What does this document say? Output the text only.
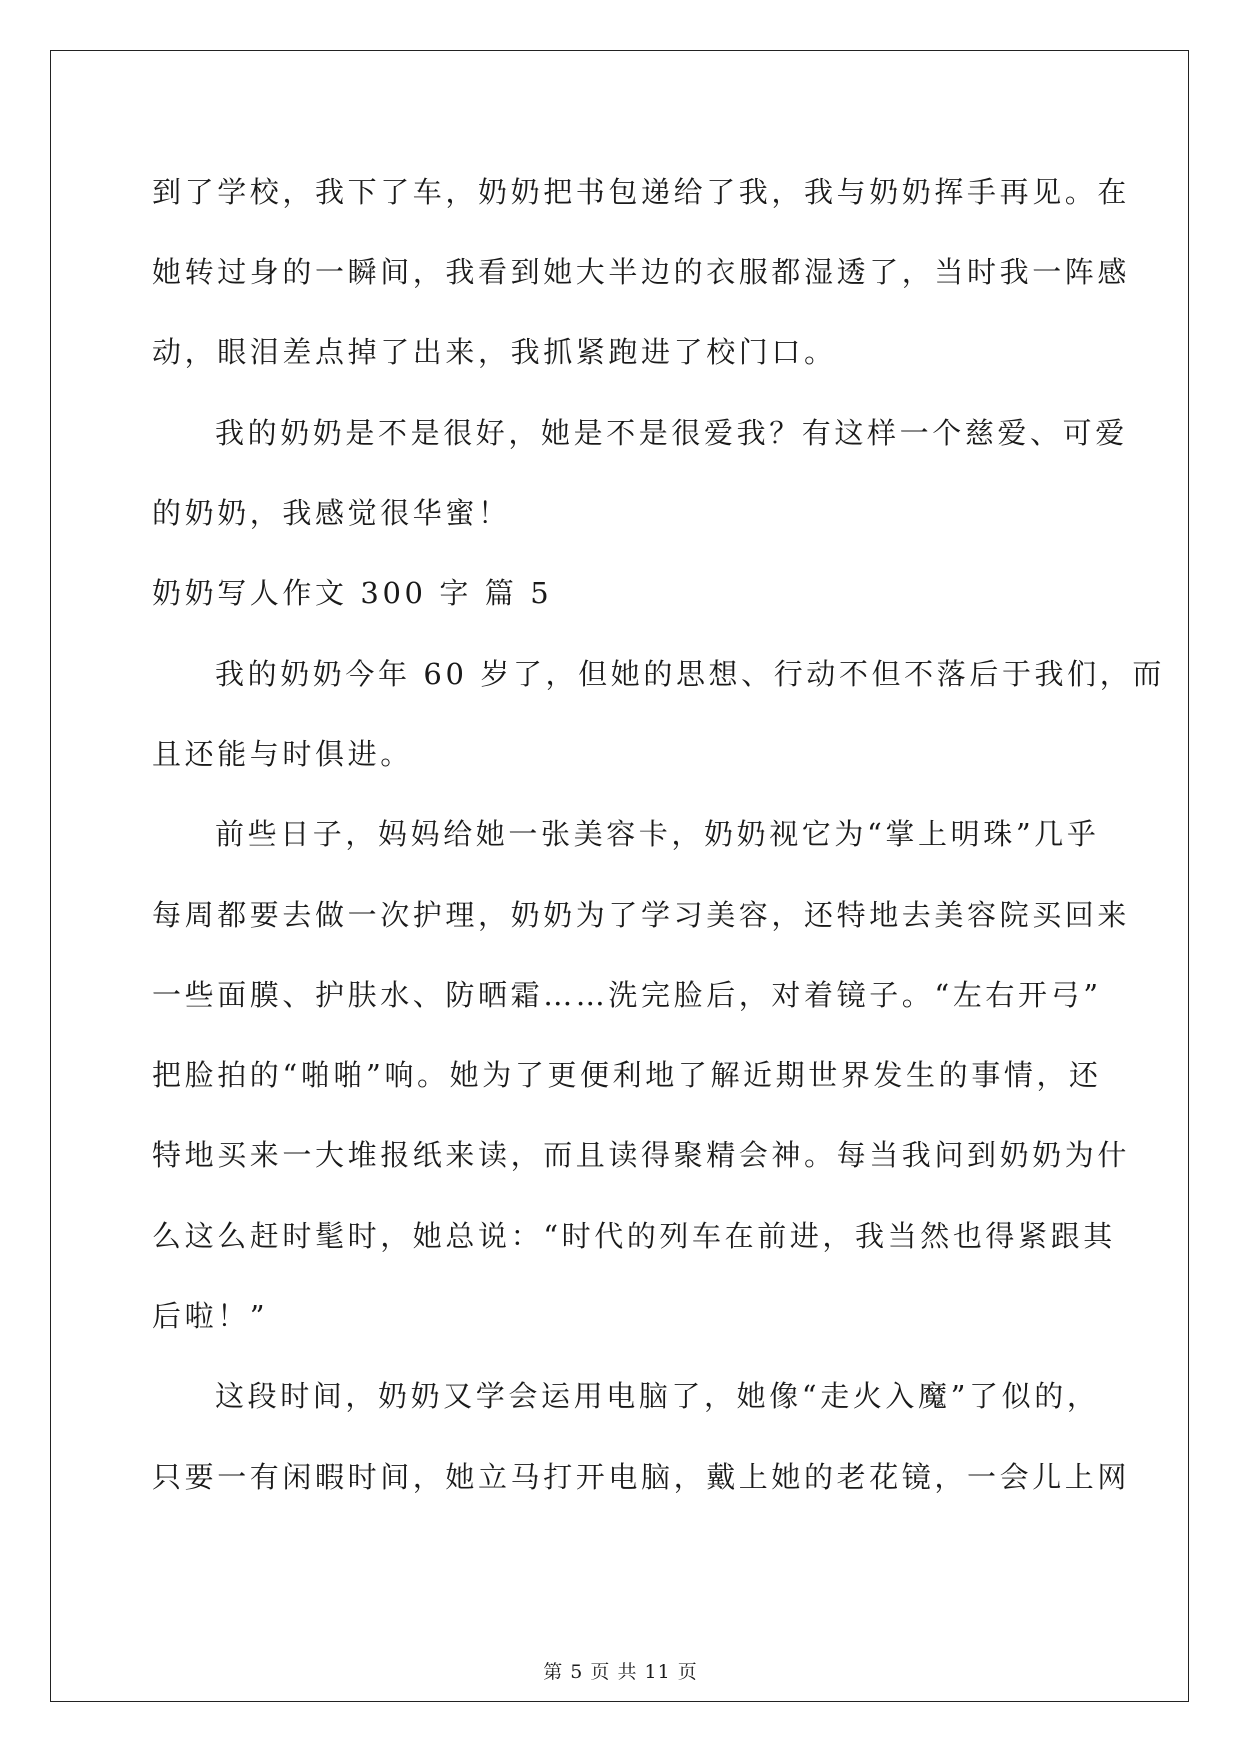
到了学校，我下了车，奶奶把书包递给了我，我与奶奶挥手再见。在
她转过身的一瞬间，我看到她大半边的衣服都湿透了，当时我一阵感
动，眼泪差点掉了出来，我抓紧跑进了校门口。
我的奶奶是不是很好，她是不是很爱我？有这样一个慈爱、可爱
的奶奶，我感觉很华蜜！
奶奶写人作文 300 字 篇 5
我的奶奶今年 60 岁了，但她的思想、行动不但不落后于我们，而
且还能与时俱进。
前些日子，妈妈给她一张美容卡，奶奶视它为“掌上明珠”几乎
每周都要去做一次护理，奶奶为了学习美容，还特地去美容院买回来
一些面膜、护肤水、防晒霜……洗完脸后，对着镜子。“左右开弓”
把脸拍的“啪啪”响。她为了更便利地了解近期世界发生的事情，还
特地买来一大堆报纸来读，而且读得聚精会神。每当我问到奶奶为什
么这么赶时髦时，她总说：“时代的列车在前进，我当然也得紧跟其
后啦！”
这段时间，奶奶又学会运用电脑了，她像“走火入魔”了似的，
只要一有闲暇时间，她立马打开电脑，戴上她的老花镜，一会儿上网
第 5 页 共 11 页
